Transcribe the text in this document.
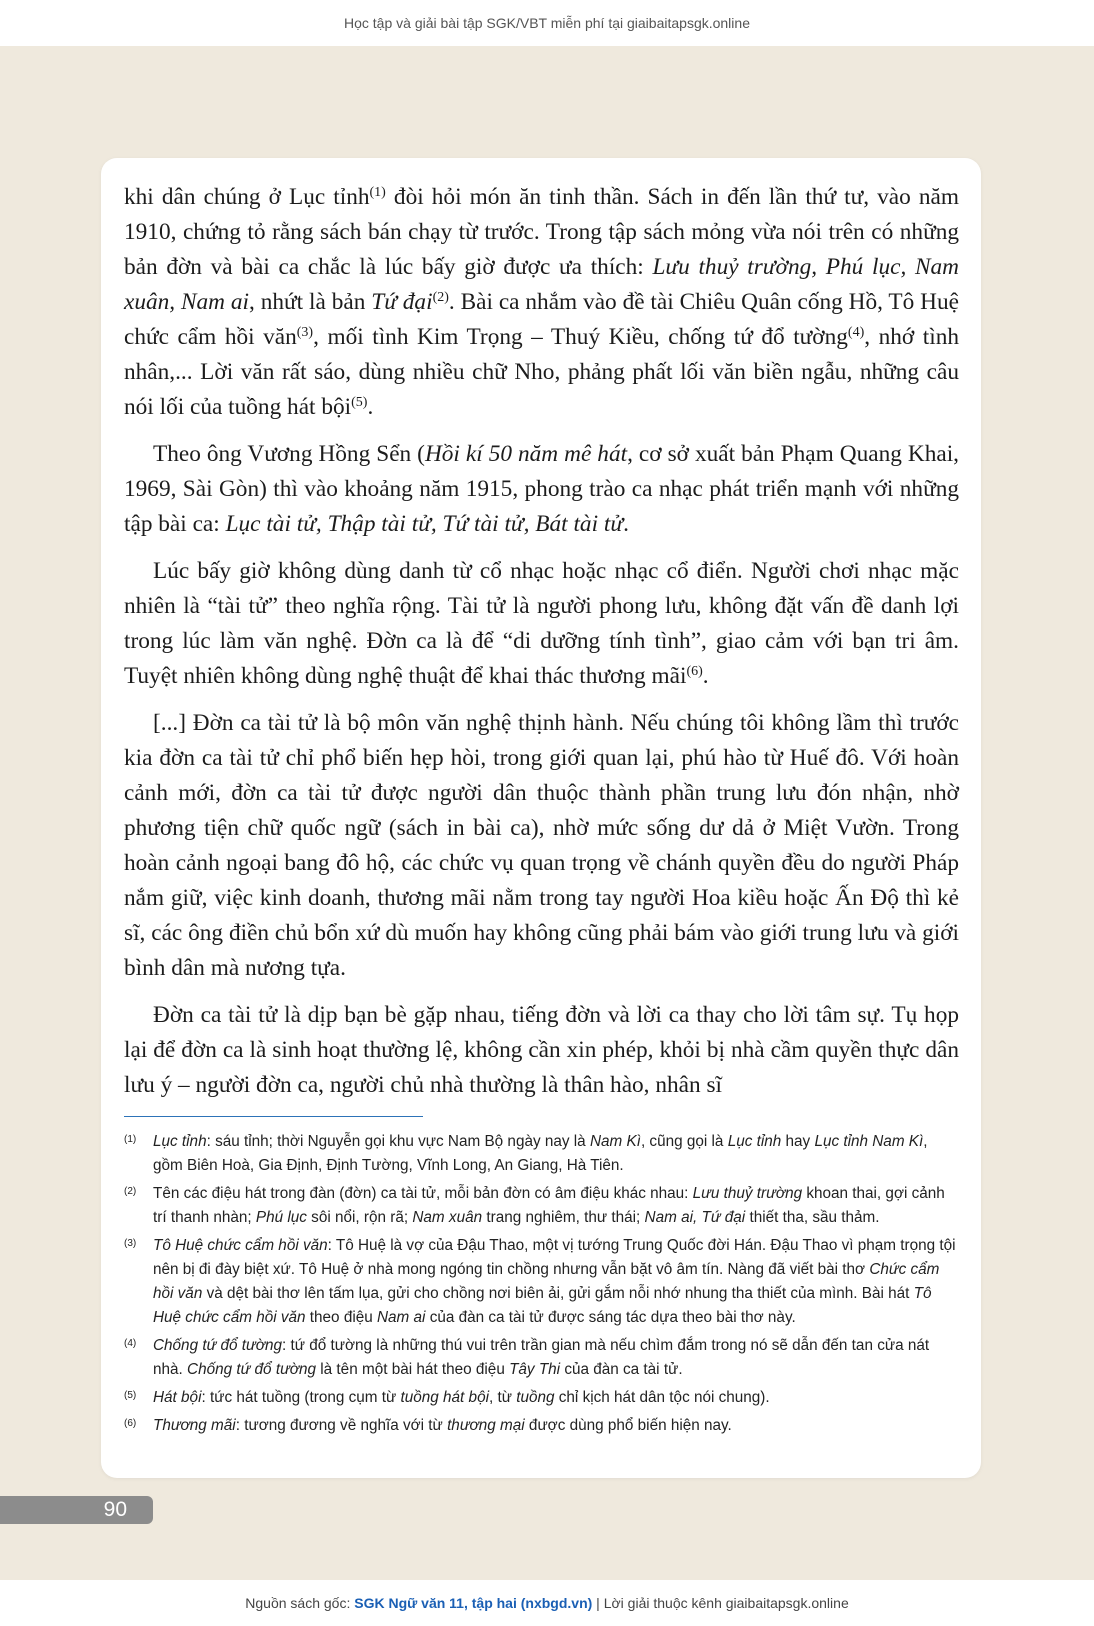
Học tập và giải bài tập SGK/VBT miễn phí tại giaibaitapsgk.online

khi dân chúng ở Lục tỉnh$^{(1)}$ đòi hỏi món ăn tinh thần. Sách in đến lần thứ tư, vào năm 1910, chứng tỏ rằng sách bán chạy từ trước. Trong tập sách mỏng vừa nói trên có những bản đờn và bài ca chắc là lúc bấy giờ được ưa thích: Lưu thuỷ trường, Phú lục, Nam xuân, Nam ai, nhứt là bản Tứ đại$^{(2)}$. Bài ca nhắm vào đề tài Chiêu Quân cống Hồ, Tô Huệ chức cẩm hồi văn$^{(3)}$, mối tình Kim Trọng – Thuý Kiều, chống tứ đổ tường$^{(4)}$, nhớ tình nhân,... Lời văn rất sáo, dùng nhiều chữ Nho, phảng phất lối văn biền ngẫu, những câu nói lối của tuồng hát bội$^{(5)}$.

Theo ông Vương Hồng Sển (Hồi kí 50 năm mê hát, cơ sở xuất bản Phạm Quang Khai, 1969, Sài Gòn) thì vào khoảng năm 1915, phong trào ca nhạc phát triển mạnh với những tập bài ca: Lục tài tử, Thập tài tử, Tứ tài tử, Bát tài tử.

Lúc bấy giờ không dùng danh từ cổ nhạc hoặc nhạc cổ điển. Người chơi nhạc mặc nhiên là “tài tử” theo nghĩa rộng. Tài tử là người phong lưu, không đặt vấn đề danh lợi trong lúc làm văn nghệ. Đờn ca là để “di dưỡng tính tình”, giao cảm với bạn tri âm. Tuyệt nhiên không dùng nghệ thuật để khai thác thương mãi$^{(6)}$.

[...] Đờn ca tài tử là bộ môn văn nghệ thịnh hành. Nếu chúng tôi không lầm thì trước kia đờn ca tài tử chỉ phổ biến hẹp hòi, trong giới quan lại, phú hào từ Huế đô. Với hoàn cảnh mới, đờn ca tài tử được người dân thuộc thành phần trung lưu đón nhận, nhờ phương tiện chữ quốc ngữ (sách in bài ca), nhờ mức sống dư dả ở Miệt Vườn. Trong hoàn cảnh ngoại bang đô hộ, các chức vụ quan trọng về chánh quyền đều do người Pháp nắm giữ, việc kinh doanh, thương mãi nằm trong tay người Hoa kiều hoặc Ấn Độ thì kẻ sĩ, các ông điền chủ bổn xứ dù muốn hay không cũng phải bám vào giới trung lưu và giới bình dân mà nương tựa.

Đờn ca tài tử là dịp bạn bè gặp nhau, tiếng đờn và lời ca thay cho lời tâm sự. Tụ họp lại để đờn ca là sinh hoạt thường lệ, không cần xin phép, khỏi bị nhà cầm quyền thực dân lưu ý – người đờn ca, người chủ nhà thường là thân hào, nhân sĩ

(1)	Lục tỉnh: sáu tỉnh; thời Nguyễn gọi khu vực Nam Bộ ngày nay là Nam Kì, cũng gọi là Lục tỉnh hay Lục tỉnh Nam Kì, gồm Biên Hoà, Gia Định, Định Tường, Vĩnh Long, An Giang, Hà Tiên.
(2)	Tên các điệu hát trong đàn (đờn) ca tài tử, mỗi bản đờn có âm điệu khác nhau: Lưu thuỷ trường khoan thai, gợi cảnh trí thanh nhàn; Phú lục sôi nổi, rộn rã; Nam xuân trang nghiêm, thư thái; Nam ai, Tứ đại thiết tha, sầu thảm.
(3)	Tô Huệ chức cẩm hồi văn: Tô Huệ là vợ của Đậu Thao, một vị tướng Trung Quốc đời Hán. Đậu Thao vì phạm trọng tội nên bị đi đày biệt xứ. Tô Huệ ở nhà mong ngóng tin chồng nhưng vẫn bặt vô âm tín. Nàng đã viết bài thơ Chức cẩm hồi văn và dệt bài thơ lên tấm lụa, gửi cho chồng nơi biên ải, gửi gắm nỗi nhớ nhung tha thiết của mình. Bài hát Tô Huệ chức cẩm hồi văn theo điệu Nam ai của đàn ca tài tử được sáng tác dựa theo bài thơ này.
(4)	Chống tứ đổ tường: tứ đổ tường là những thú vui trên trần gian mà nếu chìm đắm trong nó sẽ dẫn đến tan cửa nát nhà. Chống tứ đổ tường là tên một bài hát theo điệu Tây Thi của đàn ca tài tử.
(5)	Hát bội: tức hát tuồng (trong cụm từ tuồng hát bội, từ tuồng chỉ kịch hát dân tộc nói chung).
(6)	Thương mãi: tương đương về nghĩa với từ thương mại được dùng phổ biến hiện nay.
90
Nguồn sách gốc: SGK Ngữ văn 11, tập hai (nxbgd.vn) | Lời giải thuộc kênh giaibaitapsgk.online
